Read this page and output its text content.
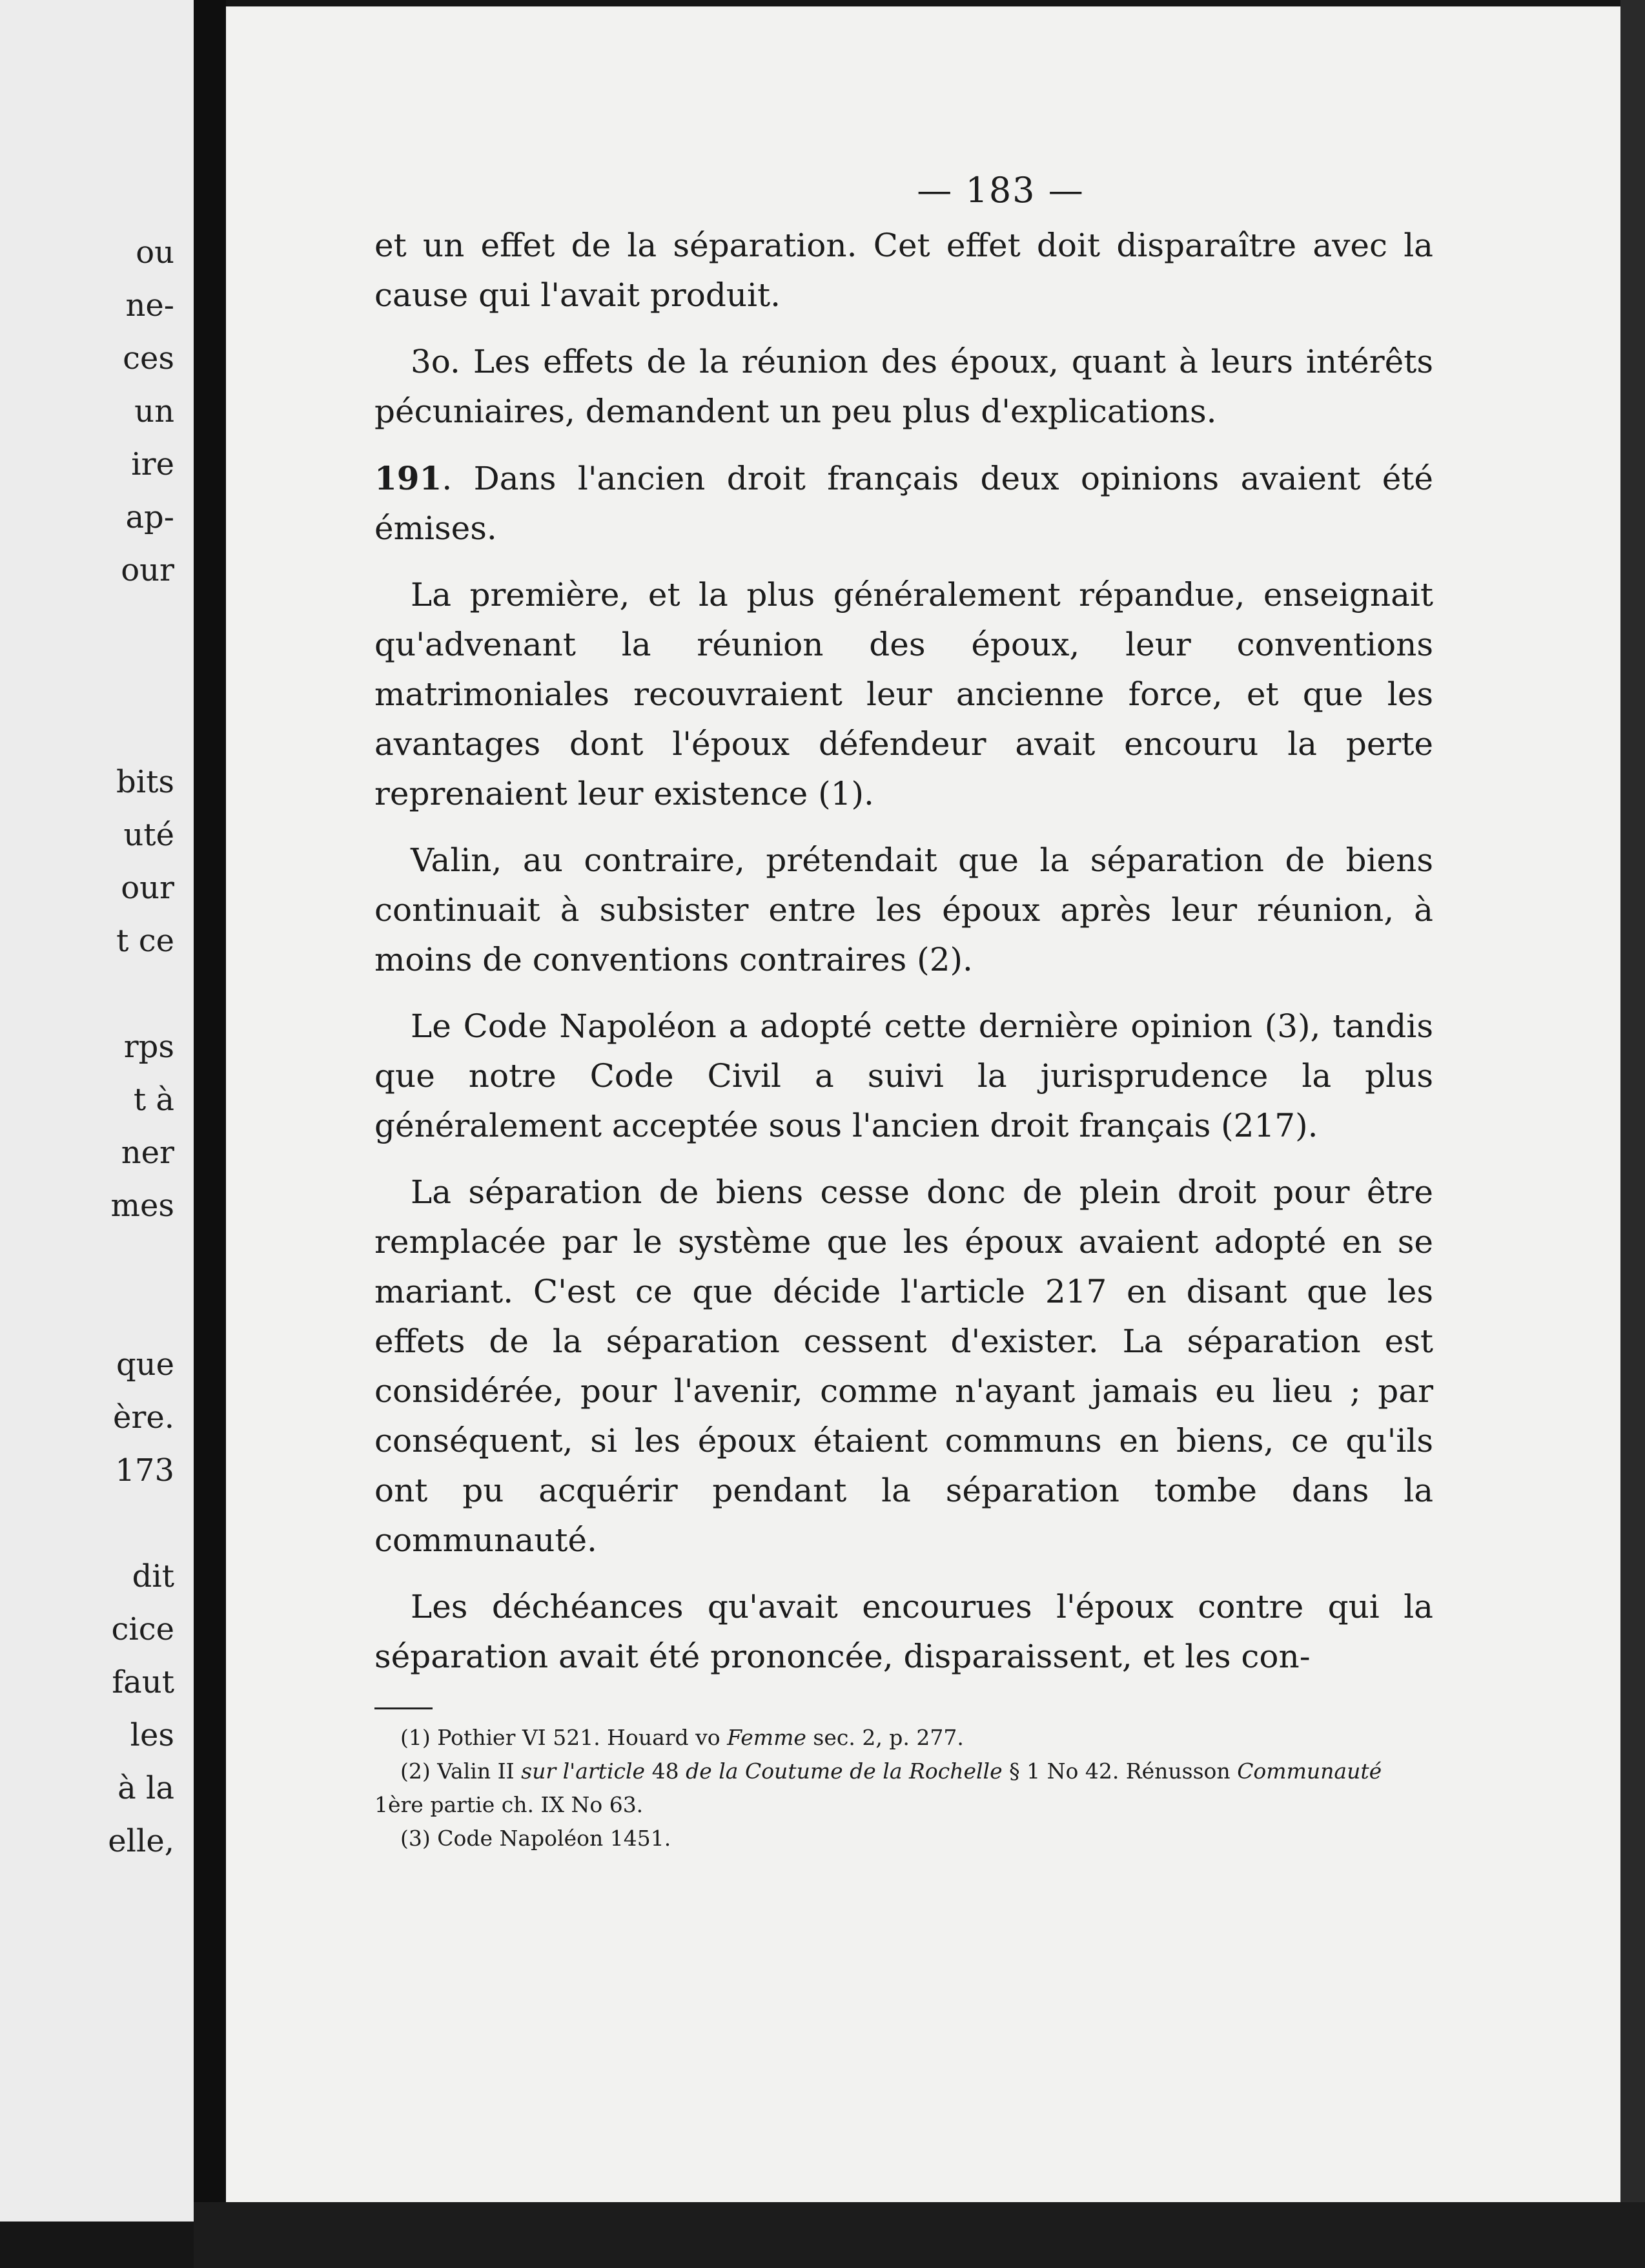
ou
ne-
ces
un
ire
ap-
our
bits
uté
our
t ce
rps
t à
ner
mes
que
ère.
173
dit
cice
faut
les
à la
elle,
— 183 —

et un effet de la séparation. Cet effet doit disparaître avec la cause qui l'avait produit.

3o. Les effets de la réunion des époux, quant à leurs intérêts pécuniaires, demandent un peu plus d'explications.

191. Dans l'ancien droit français deux opinions avaient été émises.

La première, et la plus généralement répandue, enseignait qu'advenant la réunion des époux, leur conventions matrimoniales recouvraient leur ancienne force, et que les avantages dont l'époux défendeur avait encouru la perte reprenaient leur existence (1).

Valin, au contraire, prétendait que la séparation de biens continuait à subsister entre les époux après leur réunion, à moins de conventions contraires (2).

Le Code Napoléon a adopté cette dernière opinion (3), tandis que notre Code Civil a suivi la jurisprudence la plus généralement acceptée sous l'ancien droit français (217).

La séparation de biens cesse donc de plein droit pour être remplacée par le système que les époux avaient adopté en se mariant. C'est ce que décide l'article 217 en disant que les effets de la séparation cessent d'exister. La séparation est considérée, pour l'avenir, comme n'ayant jamais eu lieu ; par conséquent, si les époux étaient communs en biens, ce qu'ils ont pu acquérir pendant la séparation tombe dans la communauté.

Les déchéances qu'avait encourues l'époux contre qui la séparation avait été prononcée, disparaissent, et les con-

(1) Pothier VI 521. Houard vo Femme sec. 2, p. 277.

(2) Valin II sur l'article 48 de la Coutume de la Rochelle § 1 No 42. Rénusson Communauté 1ère partie ch. IX No 63.

(3) Code Napoléon 1451.
